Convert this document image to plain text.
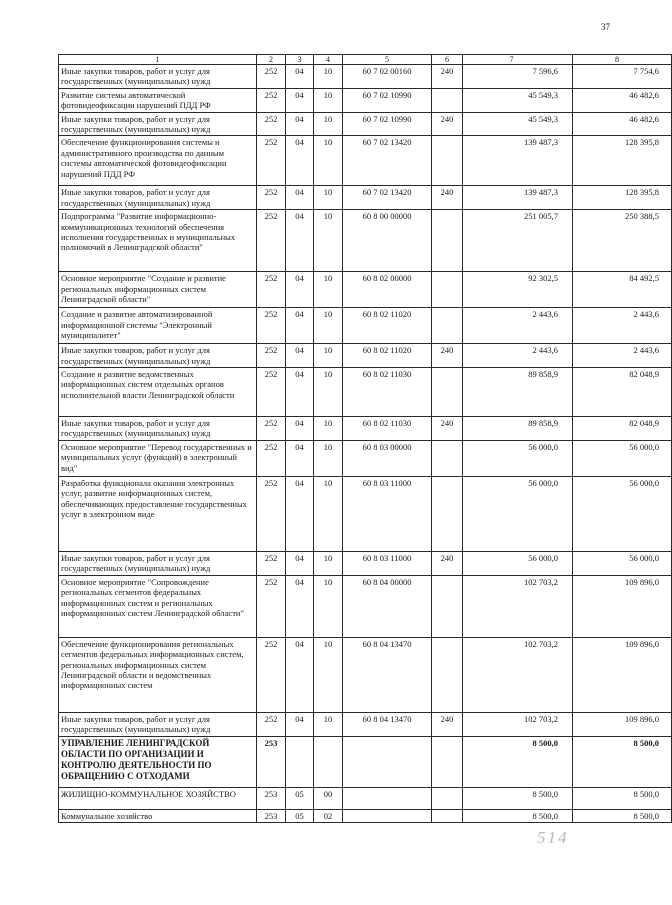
37
1	2	3	4	5	6	7	8
Иные закупки товаров, работ и услуг для государственных (муниципальных) нужд	252	04	10	60 7 02 00160	240	7 596,6	7 754,6
Развитие системы автоматической фотовидеофиксации нарушений ПДД РФ	252	04	10	60 7 02 10990		45 549,3	46 482,6
Иные закупки товаров, работ и услуг для государственных (муниципальных) нужд	252	04	10	60 7 02 10990	240	45 549,3	46 482,6
Обеспечение функционирования системы и административного производства по данным системы автоматической фотовидеофиксации нарушений ПДД РФ	252	04	10	60 7 02 13420		139 487,3	128 395,8
Иные закупки товаров, работ и услуг для государственных (муниципальных) нужд	252	04	10	60 7 02 13420	240	139 487,3	128 395,8
Подпрограмма "Развитие информационно-коммуникационных технологий обеспечения исполнения государственных и муниципальных полномочий в Ленинградской области"	252	04	10	60 8 00 00000		251 005,7	250 388,5
Основное мероприятие "Создание и развитие региональных информационных систем Ленинградской области"	252	04	10	60 8 02 00000		92 302,5	84 492,5
Создание и развитие автоматизированной информационной системы "Электронный муниципалитет"	252	04	10	60 8 02 11020		2 443,6	2 443,6
Иные закупки товаров, работ и услуг для государственных (муниципальных) нужд	252	04	10	60 8 02 11020	240	2 443,6	2 443,6
Создание и развитие ведомственных информационных систем отдельных органов исполнительной власти Ленинградской области	252	04	10	60 8 02 11030		89 858,9	82 048,9
Иные закупки товаров, работ и услуг для государственных (муниципальных) нужд	252	04	10	60 8 02 11030	240	89 858,9	82 048,9
Основное мероприятие "Перевод государственных и муниципальных услуг (функций) в электронный вид"	252	04	10	60 8 03 00000		56 000,0	56 000,0
Разработка функционала оказания электронных услуг, развитие информационных систем, обеспечивающих предоставление государственных услуг в электронном виде	252	04	10	60 8 03 11000		56 000,0	56 000,0
Иные закупки товаров, работ и услуг для государственных (муниципальных) нужд	252	04	10	60 8 03 11000	240	56 000,0	56 000,0
Основное мероприятие "Сопровождение региональных сегментов федеральных информационных систем и региональных информационных систем Ленинградской области"	252	04	10	60 8 04 00000		102 703,2	109 896,0
Обеспечение функционирования региональных сегментов федеральных информационных систем, региональных информационных систем Ленинградской области и ведомственных информационных систем	252	04	10	60 8 04 13470		102 703,2	109 896,0
Иные закупки товаров, работ и услуг для государственных (муниципальных) нужд	252	04	10	60 8 04 13470	240	102 703,2	109 896,0
УПРАВЛЕНИЕ ЛЕНИНГРАДСКОЙ ОБЛАСТИ ПО ОРГАНИЗАЦИИ И КОНТРОЛЮ ДЕЯТЕЛЬНОСТИ ПО ОБРАЩЕНИЮ С ОТХОДАМИ	253					8 500,0	8 500,0
ЖИЛИЩНО-КОММУНАЛЬНОЕ ХОЗЯЙСТВО	253	05	00			8 500,0	8 500,0
Коммунальное хозяйство	253	05	02			8 500,0	8 500,0
514
